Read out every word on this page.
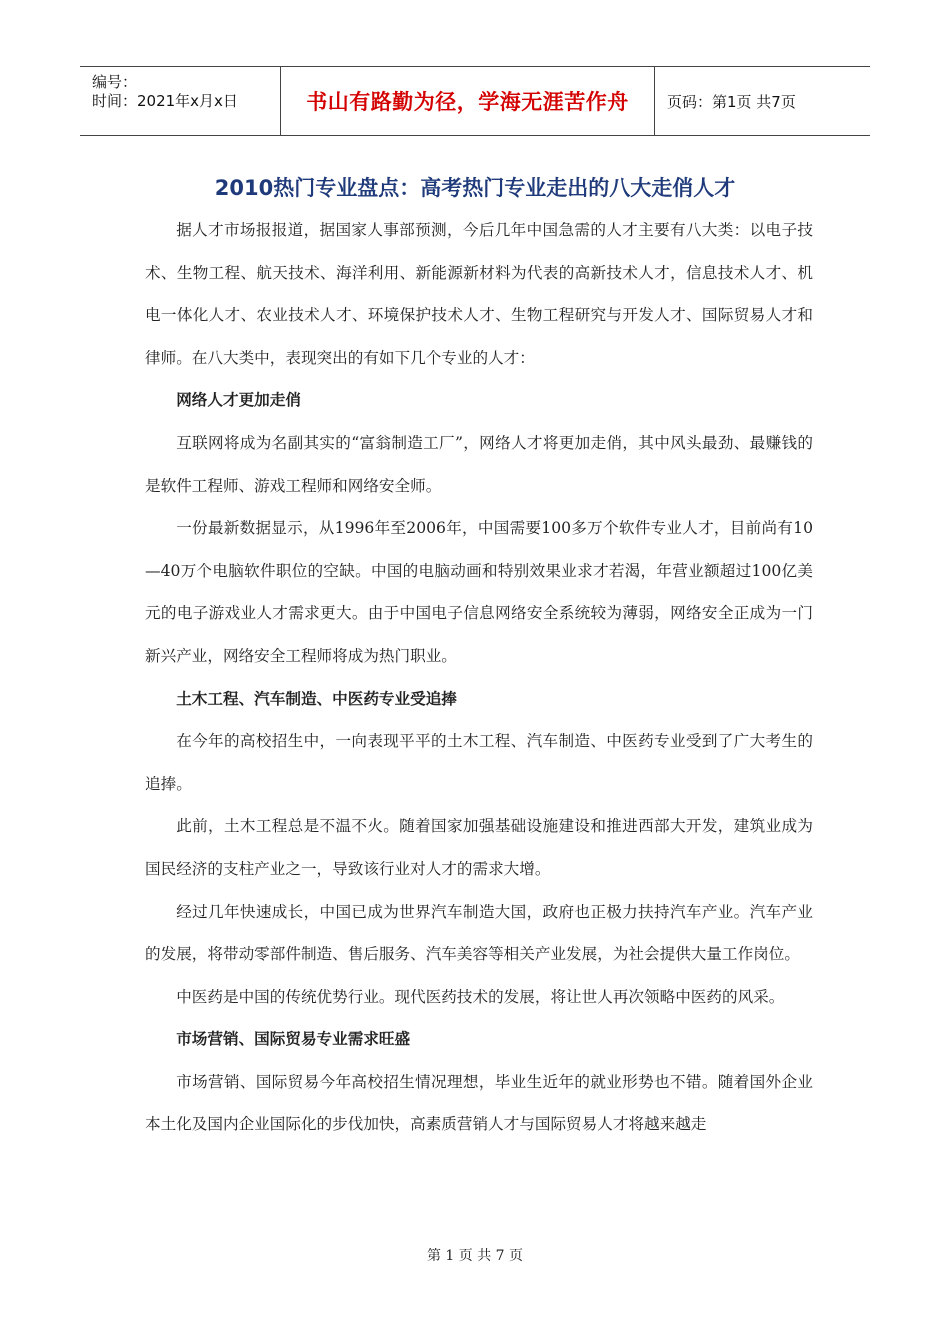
编号：
时间：2021年x月x日	书山有路勤为径，学海无涯苦作舟	页码：第1页 共7页
2010热门专业盘点：高考热门专业走出的八大走俏人才

据人才市场报报道，据国家人事部预测，今后几年中国急需的人才主要有八大类：以电子技术、生物工程、航天技术、海洋利用、新能源新材料为代表的高新技术人才，信息技术人才、机电一体化人才、农业技术人才、环境保护技术人才、生物工程研究与开发人才、国际贸易人才和律师。在八大类中，表现突出的有如下几个专业的人才：

网络人才更加走俏

互联网将成为名副其实的“富翁制造工厂”，网络人才将更加走俏，其中风头最劲、最赚钱的是软件工程师、游戏工程师和网络安全师。

一份最新数据显示，从1996年至2006年，中国需要100多万个软件专业人才，目前尚有10—40万个电脑软件职位的空缺。中国的电脑动画和特别效果业求才若渴，年营业额超过100亿美元的电子游戏业人才需求更大。由于中国电子信息网络安全系统较为薄弱，网络安全正成为一门新兴产业，网络安全工程师将成为热门职业。

土木工程、汽车制造、中医药专业受追捧

在今年的高校招生中，一向表现平平的土木工程、汽车制造、中医药专业受到了广大考生的追捧。

此前，土木工程总是不温不火。随着国家加强基础设施建设和推进西部大开发，建筑业成为国民经济的支柱产业之一，导致该行业对人才的需求大增。

经过几年快速成长，中国已成为世界汽车制造大国，政府也正极力扶持汽车产业。汽车产业的发展，将带动零部件制造、售后服务、汽车美容等相关产业发展，为社会提供大量工作岗位。

中医药是中国的传统优势行业。现代医药技术的发展，将让世人再次领略中医药的风采。

市场营销、国际贸易专业需求旺盛

市场营销、国际贸易今年高校招生情况理想，毕业生近年的就业形势也不错。随着国外企业本土化及国内企业国际化的步伐加快，高素质营销人才与国际贸易人才将越来越走

第 1 页 共 7 页
